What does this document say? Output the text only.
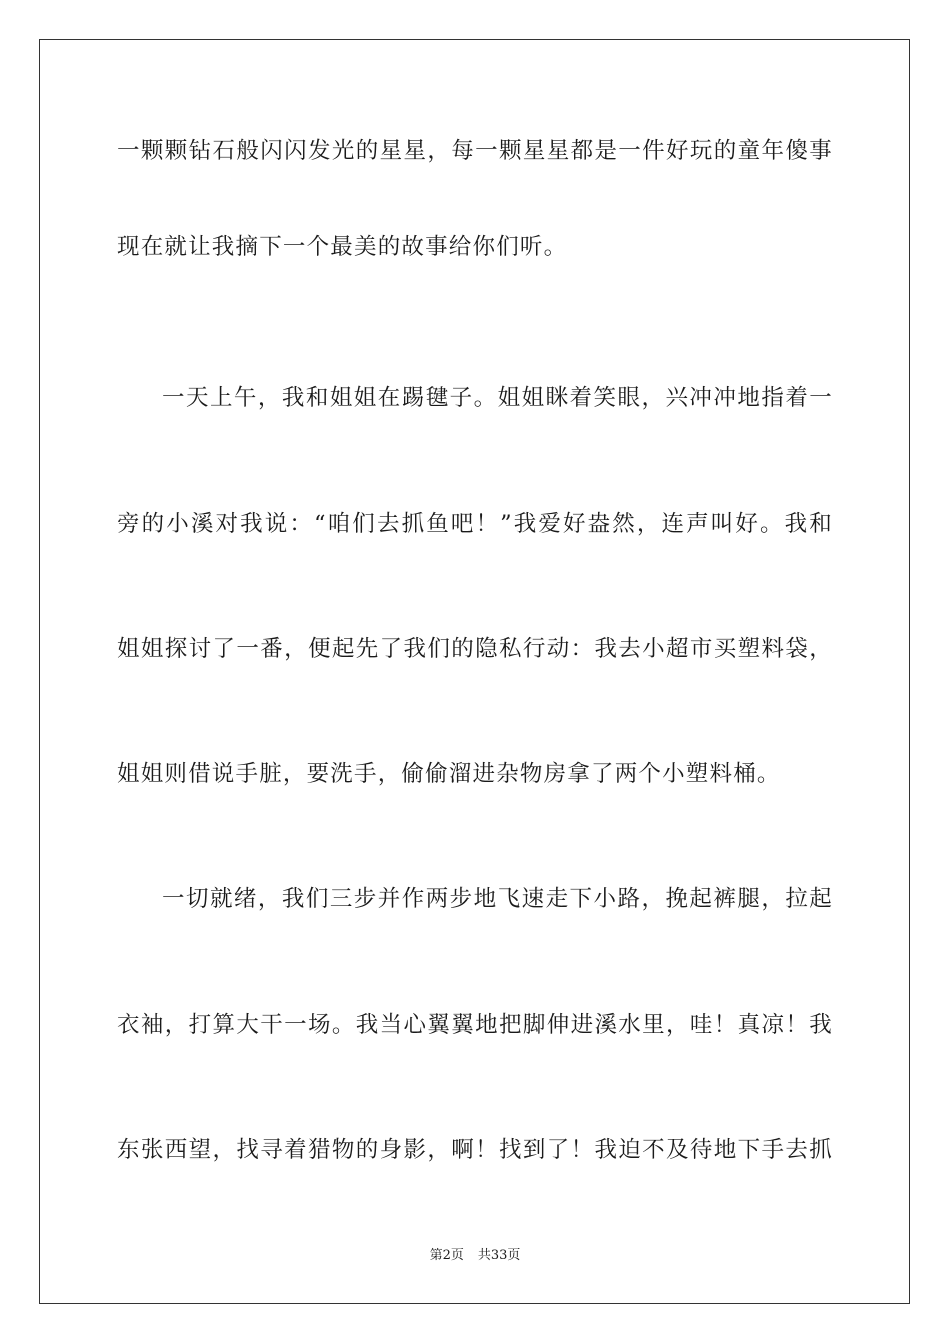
一颗颗钻石般闪闪发光的星星，每一颗星星都是一件好玩的童年傻事
现在就让我摘下一个最美的故事给你们听。
一天上午，我和姐姐在踢毽子。姐姐眯着笑眼，兴冲冲地指着一
旁的小溪对我说：“咱们去抓鱼吧！”我爱好盎然，连声叫好。我和
姐姐探讨了一番，便起先了我们的隐私行动：我去小超市买塑料袋，
姐姐则借说手脏，要洗手，偷偷溜进杂物房拿了两个小塑料桶。
一切就绪，我们三步并作两步地飞速走下小路，挽起裤腿，拉起
衣袖，打算大干一场。我当心翼翼地把脚伸进溪水里，哇！真凉！我
东张西望，找寻着猎物的身影，啊！找到了！我迫不及待地下手去抓
第2页 共33页
